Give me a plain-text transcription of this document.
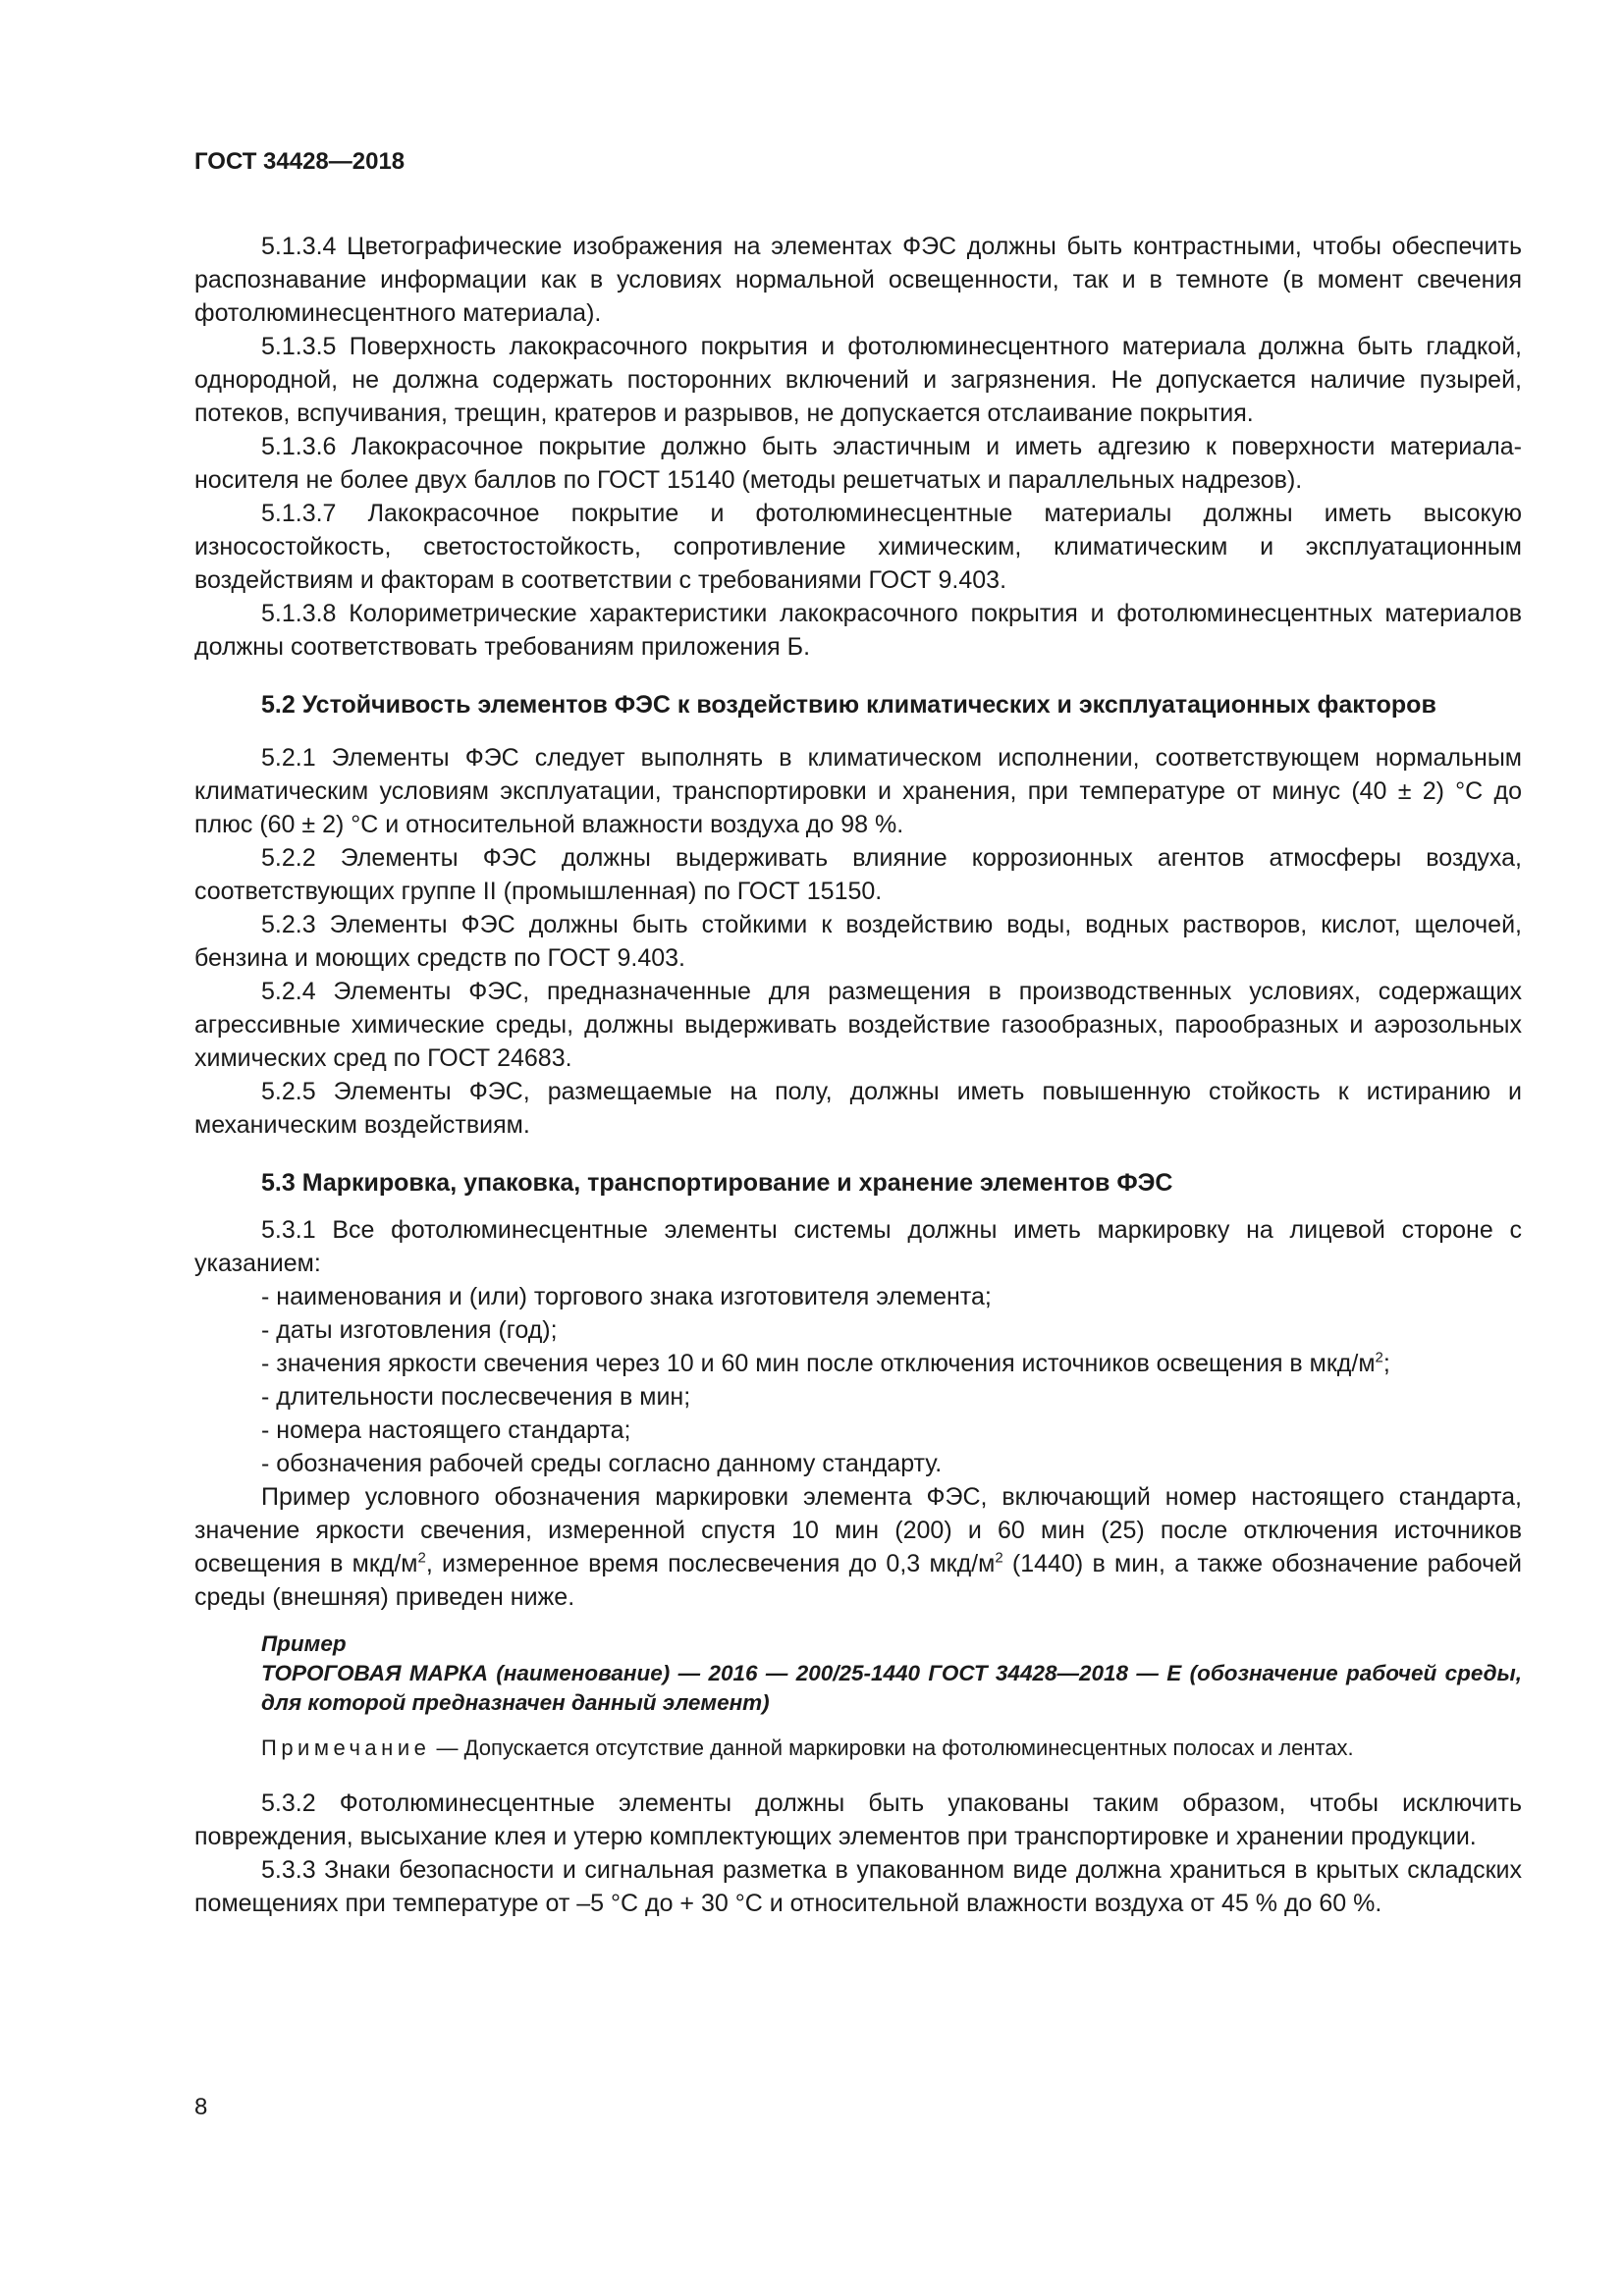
ГОСТ 34428—2018

5.1.3.4 Цветографические изображения на элементах ФЭС должны быть контрастными, чтобы обеспечить распознавание информации как в условиях нормальной освещенности, так и в темноте (в момент свечения фотолюминесцентного материала).

5.1.3.5 Поверхность лакокрасочного покрытия и фотолюминесцентного материала должна быть гладкой, однородной, не должна содержать посторонних включений и загрязнения. Не допускается наличие пузырей, потеков, вспучивания, трещин, кратеров и разрывов, не допускается отслаивание покрытия.

5.1.3.6 Лакокрасочное покрытие должно быть эластичным и иметь адгезию к поверхности материала-носителя не более двух баллов по ГОСТ 15140 (методы решетчатых и параллельных надрезов).

5.1.3.7 Лакокрасочное покрытие и фотолюминесцентные материалы должны иметь высокую износостойкость, светостостойкость, сопротивление химическим, климатическим и эксплуатационным воздействиям и факторам в соответствии с требованиями ГОСТ 9.403.

5.1.3.8 Колориметрические характеристики лакокрасочного покрытия и фотолюминесцентных материалов должны соответствовать требованиям приложения Б.

5.2 Устойчивость элементов ФЭС к воздействию климатических и эксплуатационных факторов

5.2.1 Элементы ФЭС следует выполнять в климатическом исполнении, соответствующем нормальным климатическим условиям эксплуатации, транспортировки и хранения, при температуре от минус (40 ± 2) °С до плюс (60 ± 2) °С и относительной влажности воздуха до 98 %.

5.2.2 Элементы ФЭС должны выдерживать влияние коррозионных агентов атмосферы воздуха, соответствующих группе II (промышленная) по ГОСТ 15150.

5.2.3 Элементы ФЭС должны быть стойкими к воздействию воды, водных растворов, кислот, щелочей, бензина и моющих средств по ГОСТ 9.403.

5.2.4 Элементы ФЭС, предназначенные для размещения в производственных условиях, содержащих агрессивные химические среды, должны выдерживать воздействие газообразных, парообразных и аэрозольных химических сред по ГОСТ 24683.

5.2.5 Элементы ФЭС, размещаемые на полу, должны иметь повышенную стойкость к истиранию и механическим воздействиям.

5.3 Маркировка, упаковка, транспортирование и хранение элементов ФЭС

5.3.1 Все фотолюминесцентные элементы системы должны иметь маркировку на лицевой стороне с указанием:

- наименования и (или) торгового знака изготовителя элемента;
- даты изготовления (год);
- значения яркости свечения через 10 и 60 мин после отключения источников освещения в мкд/$м^2$;
- длительности послесвечения в мин;
- номера настоящего стандарта;
- обозначения рабочей среды согласно данному стандарту.

Пример условного обозначения маркировки элемента ФЭС, включающий номер настоящего стандарта, значение яркости свечения, измеренной спустя 10 мин (200) и 60 мин (25) после отключения источников освещения в мкд/$м^2$, измеренное время послесвечения до 0,3 мкд/$м^2$ (1440) в мин, а также обозначение рабочей среды (внешняя) приведен ниже.

Пример
ТОРОГОВАЯ МАРКА (наименование) — 2016 — 200/25-1440 ГОСТ 34428—2018 — Е (обозначение рабочей среды, для которой предназначен данный элемент)
Примечание — Допускается отсутствие данной маркировки на фотолюминесцентных полосах и лентах.

5.3.2 Фотолюминесцентные элементы должны быть упакованы таким образом, чтобы исключить повреждения, высыхание клея и утерю комплектующих элементов при транспортировке и хранении продукции.

5.3.3 Знаки безопасности и сигнальная разметка в упакованном виде должна храниться в крытых складских помещениях при температуре от –5 °С до + 30 °С и относительной влажности воздуха от 45 % до 60 %.

8
